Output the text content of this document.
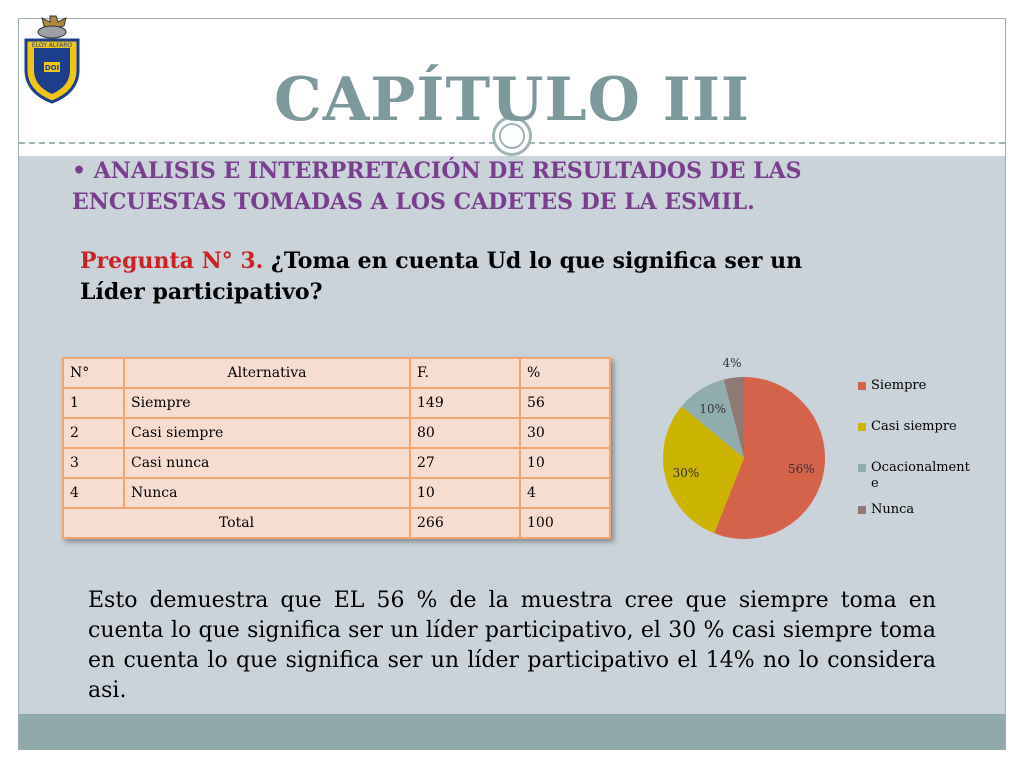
ELOY ALFARO
DOI	CAPÍTULO III
• ANALISIS E INTERPRETACIÓN DE RESULTADOS DE LAS ENCUESTAS TOMADAS A LOS CADETES DE LA ESMIL.
Pregunta N° 3. ¿Toma en cuenta Ud lo que significa ser un Líder participativo?
N°	Alternativa	F.	%
1	Siempre	149	56
2	Casi siempre	80	30
3	Casi nunca	27	10
4	Nunca	10	4
Total		266	100
56%
30%
10%
4%
Siempre
Casi siempre
Ocacionalment
e
Nunca
Esto demuestra que EL 56 % de la muestra cree que siempre toma en cuenta lo que significa ser un líder participativo, el 30 % casi siempre toma en cuenta lo que significa ser un líder participativo el 14% no lo considera asi.
